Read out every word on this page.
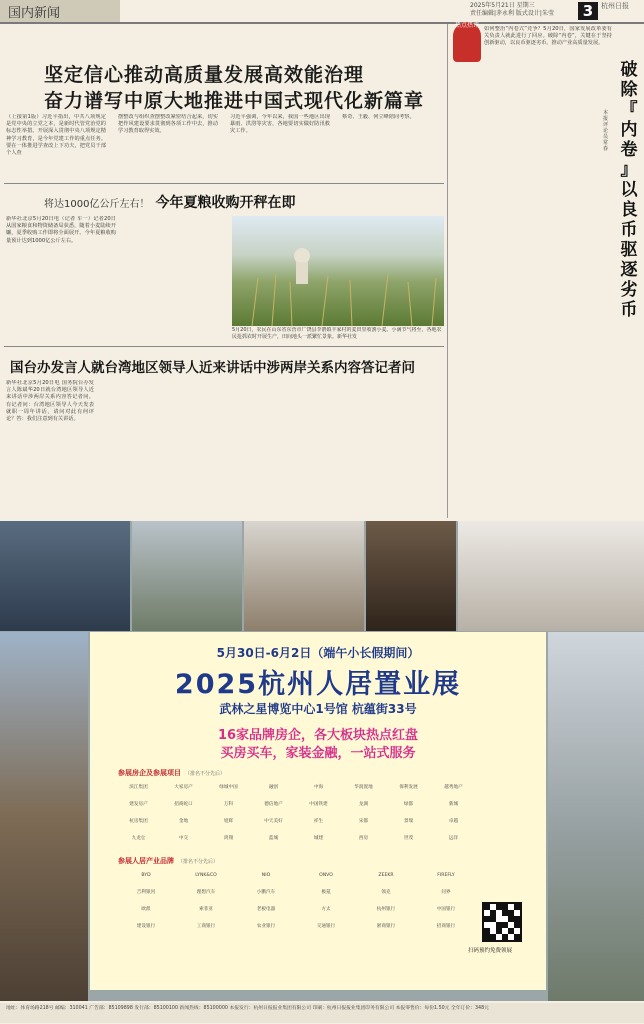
国内新闻
2025年5月21日 星期三
责任编辑|茅永利 版式设计|朱莹	3	杭州日报
坚定信心推动高质量发展高效能治理
奋力谱写中原大地推进中国式现代化新篇章
（上接第1版）习近平指出，中共八项规定是党中央的立党之本，是新时代管党治党的标志性举措。开展深入贯彻中央八项规定精神学习教育，是今年党建工作的重点任务。要在一体推进学查改上下功夫，把党员干部个人查
摆整改与组织查摆整改紧密结合起来，切实把作风建设要求贯彻到各项工作中去，推动学习教育取得实效。
习近平强调，今年以来，我国一些地区出现暴雨、洪涝等灾害，各地要切实做好防汛救灾工作。
蔡奇、王毅、何立峰陪同考察。
将达1000亿公斤左右！ 今年夏粮收购开秤在即
新华社北京5月20日电（记者 车一）记者20日从国家粮食和物资储备局获悉，随着小麦陆续开镰，夏季收购工作即将全面展开。今年夏粮收购量预计达到1000亿公斤左右。
5月20日，农民在山东省东营市广饶县李鹊镇丰家村的麦田里收割小麦。小满节气将至，各地农民抢抓农时开展生产，田间地头一派繁忙景象。新华社发
国台办发言人就台湾地区领导人近来讲话中涉两岸关系内容答记者问
新华社北京5月20日电 国务院台办发言人陈斌华20日就台湾地区领导人近来讲话中涉两岸关系内容答记者问。有记者问：台湾地区领导人今天发表就职一周年讲话，请问对此有何评论？答：我们注意到有关讲话。
热点热评 如何整治“内卷式”竞争？5月20日，国家发展改革委有关负责人就此进行了回应。破除“内卷”，关键在于坚持创新驱动，以良币驱逐劣币，推动产业高质量发展。
破
除
『
内
卷
』
以
良
币
驱
逐
劣
币
本报评论员 常春
5月30日-6月2日（端午小长假期间）
2025杭州人居置业展
武林之星博览中心1号馆 杭蕴街33号
16家品牌房企，各大板块热点红盘
买房买车，家装金融，一站式服务
参展房企及参展项目 （排名不分先后）
滨江集团	大家房产	绿城中国	融创	中海	华润置地	保利发展	越秀地产
建发房产	招商蛇口	万科	德信地产	中国铁建	龙湖	绿都	新城
杭房集团	金地	旭辉	中天美好	祥生	宋都	景瑞	卓越
九龙仓	中交	鸿翔	蓝城	城建	西房	世茂	远洋
参展人居产业品牌 （排名不分先后）
BYD	LYNK&CO	NIO	ONVO	ZEEKR	FIREFLY
吉利银河	理想汽车	小鹏汽车	极氪	领克	问界
欧派	索菲亚	老板电器	方太	杭州银行	中国银行
建设银行	工商银行	农业银行	交通银行	浙商银行	招商银行
扫码预约免费领展
地址：体育场路218号 邮编：310041 广告部：85109898 发行部：85100100 新闻热线：85100000 本报发行：杭州日报报业集团有限公司 印刷：杭州日报报业集团印务有限公司 本报零售价：每份1.50元 全年订价：348元
